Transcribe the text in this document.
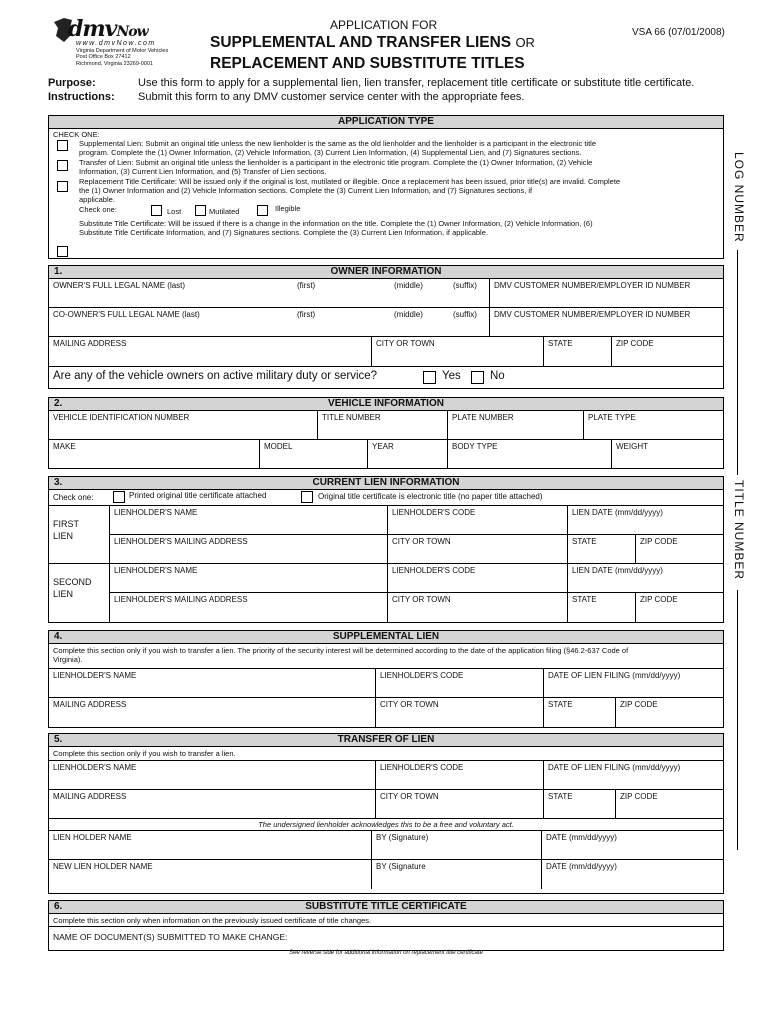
dmvNow
www.dmvNow.com
Virginia Department of Motor Vehicles
Post Office Box 27412
Richmond, Virginia 23269-0001
APPLICATION FOR
SUPPLEMENTAL AND TRANSFER LIENS OR
REPLACEMENT AND SUBSTITUTE TITLES
VSA 66 (07/01/2008)
Purpose:	Use this form to apply for a supplemental lien, lien transfer, replacement title certificate or substitute title certificate.
Instructions:	Submit this form to any DMV customer service center with the appropriate fees.
LOG NUMBER
TITLE NUMBER
APPLICATION TYPE
CHECK ONE:
Supplemental Lien: Submit an original title unless the new lienholder is the same as the old lienholder and the lienholder is a participant in the electronic title
program. Complete the (1) Owner Information, (2) Vehicle Information, (3) Current Lien Information, (4) Supplemental Lien, and (7) Signatures sections.
Transfer of Lien: Submit an original title unless the lienholder is a participant in the electronic title program. Complete the (1) Owner Information, (2) Vehicle
Information, (3) Current Lien Information, and (5) Transfer of Lien sections.
Replacement Title Certificate: Will be issued only if the original is lost, mutilated or illegible. Once a replacement has been issued, prior title(s) are invalid. Complete
the (1) Owner Information and (2) Vehicle Information sections. Complete the (3) Current Lien Information, and (7) Signatures sections, if
applicable.
Check one:	Lost	Mutilated	Illegible
Substitute Title Certificate: Will be issued if there is a change in the information on the title. Complete the (1) Owner Information, (2) Vehicle Information, (6)
Substitute Title Certificate Information, and (7) Signatures sections. Complete the (3) Current Lien Information, if applicable.
1.	OWNER INFORMATION
OWNER'S FULL LEGAL NAME (last)	(first)	(middle)	(suffix)	DMV CUSTOMER NUMBER/EMPLOYER ID NUMBER
CO-OWNER'S FULL LEGAL NAME (last)	(first)	(middle)	(suffix)	DMV CUSTOMER NUMBER/EMPLOYER ID NUMBER
MAILING ADDRESS	CITY OR TOWN	STATE	ZIP CODE
Are any of the vehicle owners on active military duty or service?	Yes	No
2.	VEHICLE INFORMATION
VEHICLE IDENTIFICATION NUMBER	TITLE NUMBER	PLATE NUMBER	PLATE TYPE
MAKE	MODEL	YEAR	BODY TYPE	WEIGHT
3.	CURRENT LIEN INFORMATION
Check one:	Printed original title certificate attached	Original title certificate is electronic title (no paper title attached)
FIRST
LIEN
LIENHOLDER'S NAME	LIENHOLDER'S CODE	LIEN DATE (mm/dd/yyyy)
LIENHOLDER'S MAILING ADDRESS	CITY OR TOWN	STATE	ZIP CODE
SECOND
LIEN
LIENHOLDER'S NAME	LIENHOLDER'S CODE	LIEN DATE (mm/dd/yyyy)
LIENHOLDER'S MAILING ADDRESS	CITY OR TOWN	STATE	ZIP CODE
4.	SUPPLEMENTAL LIEN
Complete this section only if you wish to transfer a lien. The priority of the security interest will be determined according to the date of the application filing (§46.2-637 Code of
Virginia).
LIENHOLDER'S NAME	LIENHOLDER'S CODE	DATE OF LIEN FILING (mm/dd/yyyy)
MAILING ADDRESS	CITY OR TOWN	STATE	ZIP CODE
5.	TRANSFER OF LIEN
Complete this section only if you wish to transfer a lien.
LIENHOLDER'S NAME	LIENHOLDER'S CODE	DATE OF LIEN FILING (mm/dd/yyyy)
MAILING ADDRESS	CITY OR TOWN	STATE	ZIP CODE
The undersigned lienholder acknowledges this to be a free and voluntary act.
LIEN HOLDER NAME	BY (Signature)	DATE (mm/dd/yyyy)
NEW LIEN HOLDER NAME	BY (Signature	DATE (mm/dd/yyyy)
6.	SUBSTITUTE TITLE CERTIFICATE
Complete this section only when information on the previously issued certificate of title changes.
NAME OF DOCUMENT(S) SUBMITTED TO MAKE CHANGE:
See reverse side for additional information on replacement title certificate
